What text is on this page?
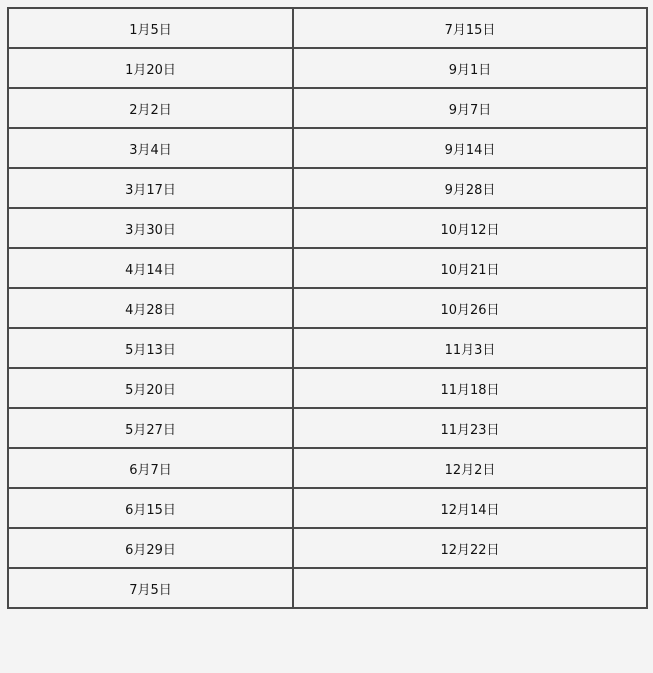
1月5日	7月15日
1月20日	9月1日
2月2日	9月7日
3月4日	9月14日
3月17日	9月28日
3月30日	10月12日
4月14日	10月21日
4月28日	10月26日
5月13日	11月3日
5月20日	11月18日
5月27日	11月23日
6月7日	12月2日
6月15日	12月14日
6月29日	12月22日
7月5日	
